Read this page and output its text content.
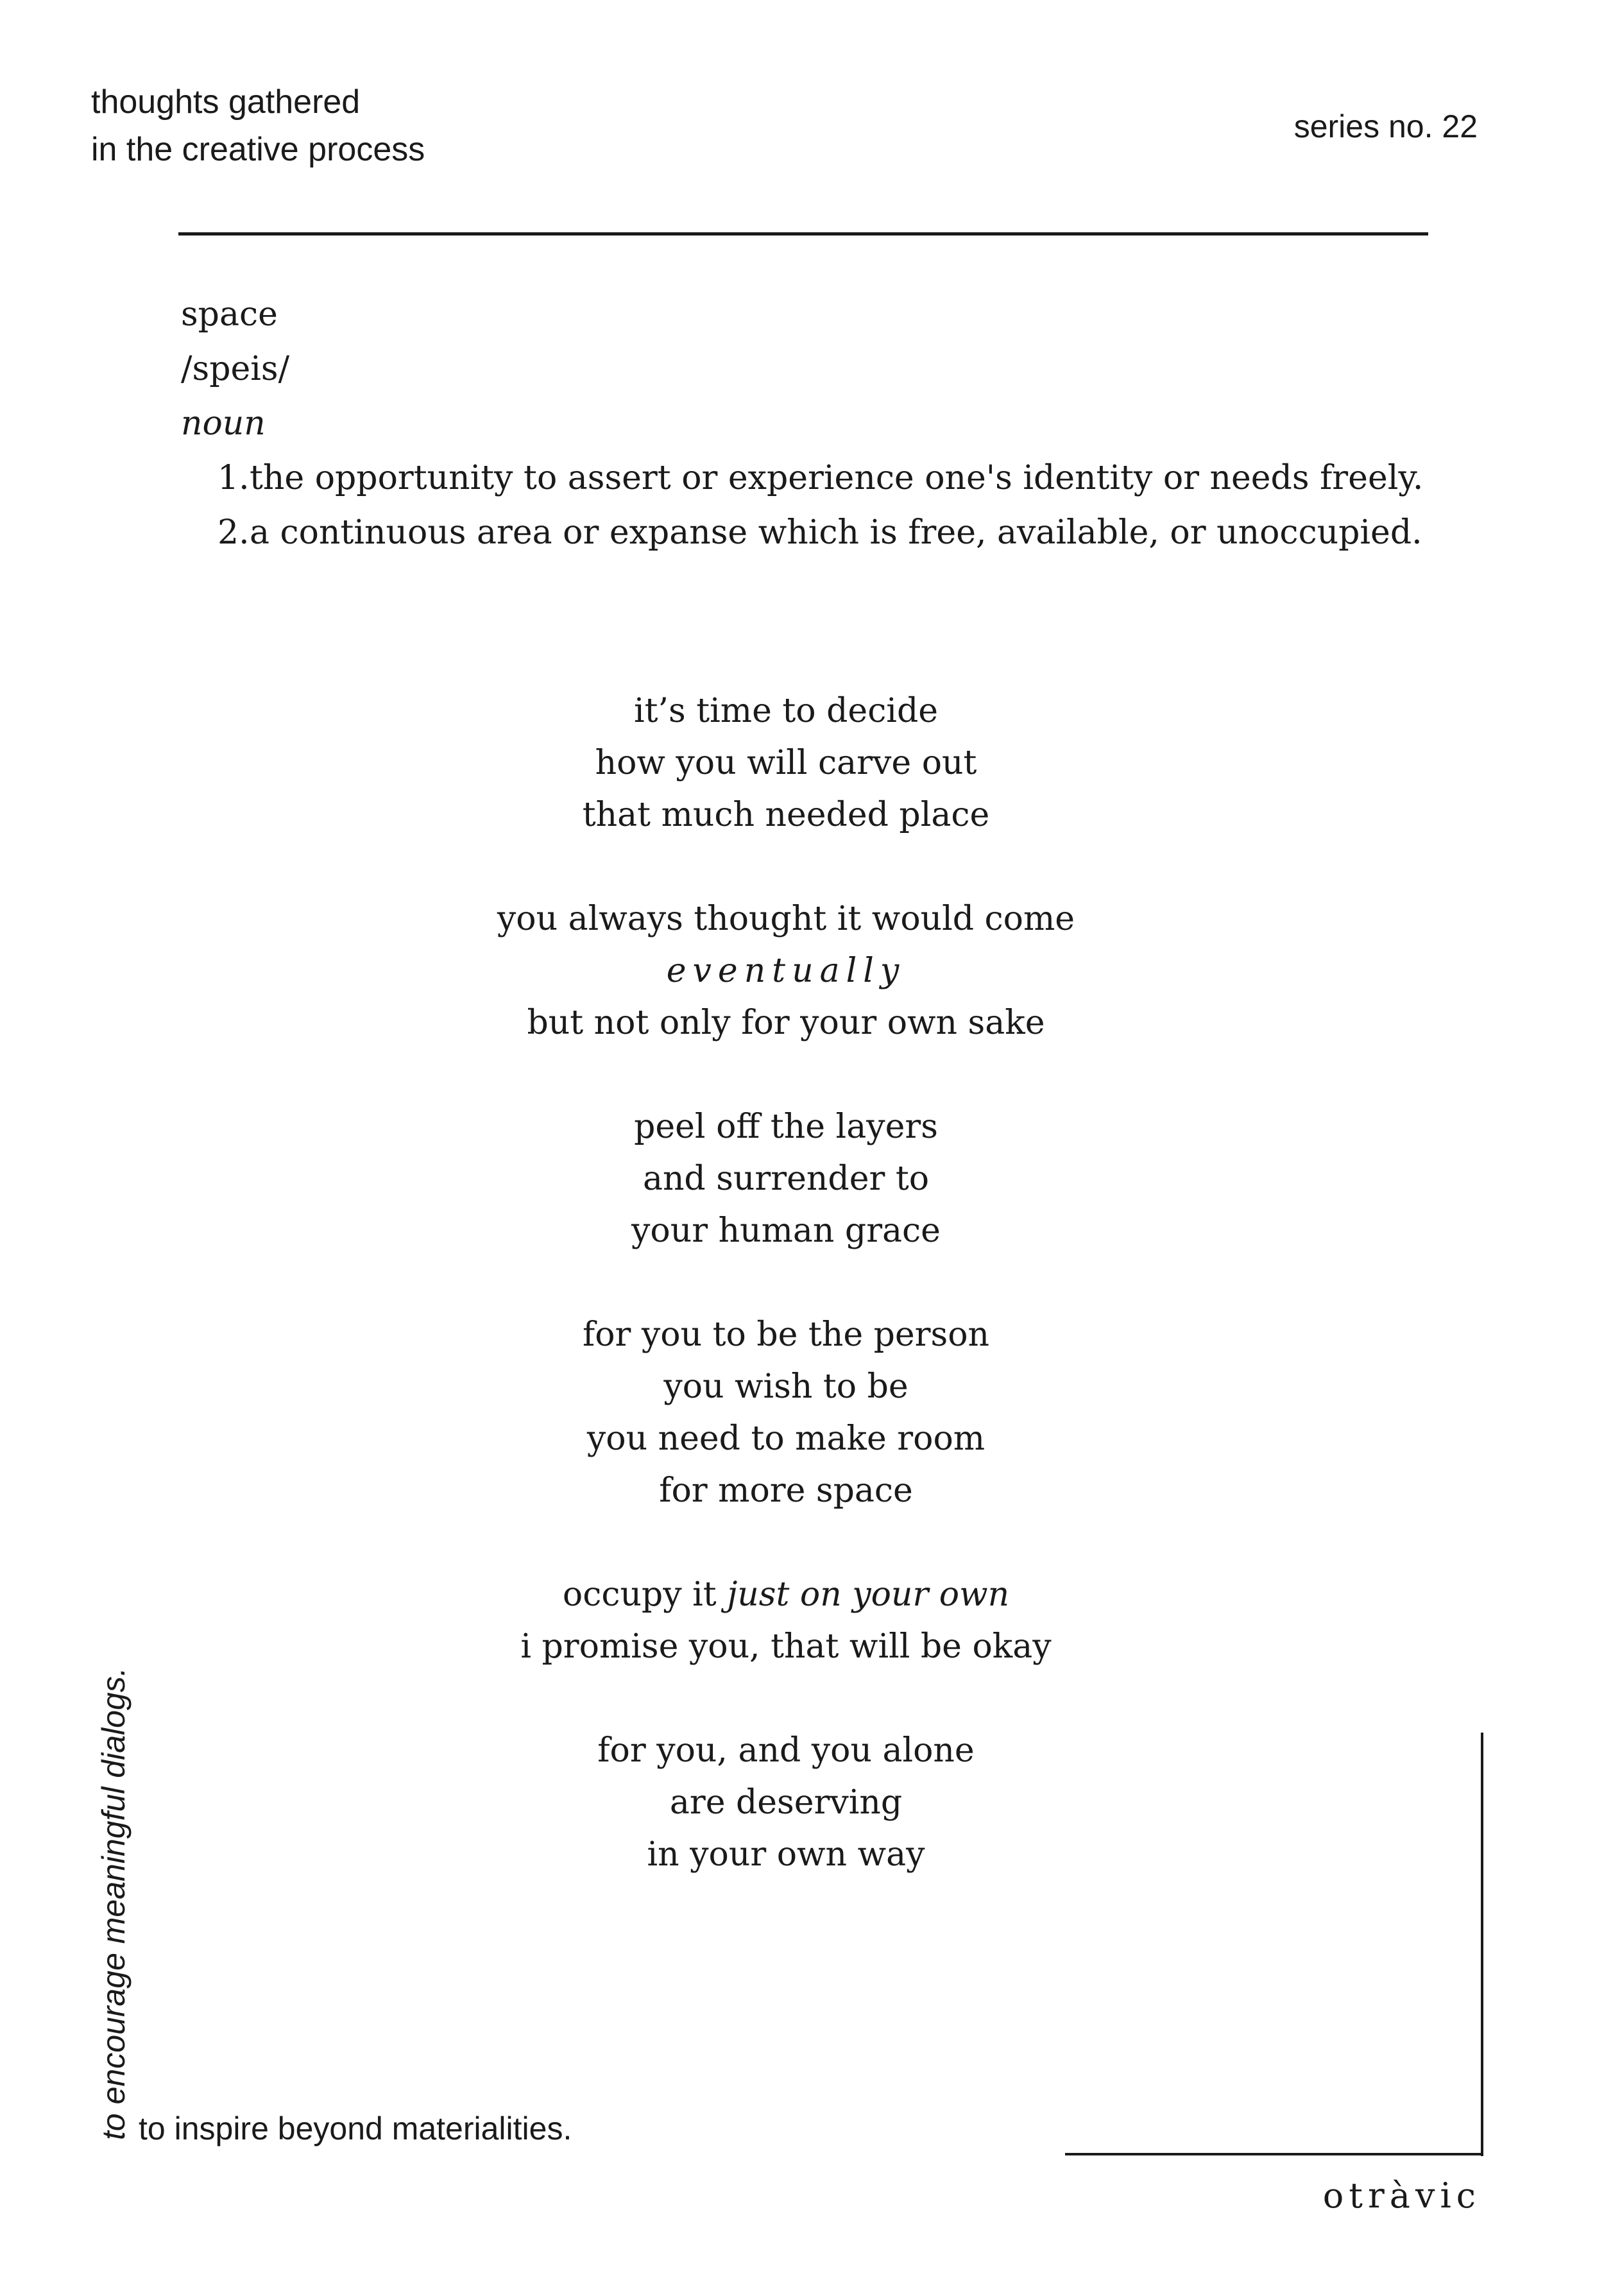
thoughts gathered
in the creative process
series no. 22
space
/speis/
noun
1.the opportunity to assert or experience one's identity or needs freely.
2.a continuous area or expanse which is free, available, or unoccupied.
it’s time to decide
how you will carve out
that much needed place
you always thought it would come
eventually
but not only for your own sake
peel off the layers
and surrender to
your human grace
for you to be the person
you wish to be
you need to make room
for more space
occupy it just on your own
i promise you, that will be okay
for you, and you alone
are deserving
in your own way
to encourage meaningful dialogs. to inspire beyond materialities.
otràvic
